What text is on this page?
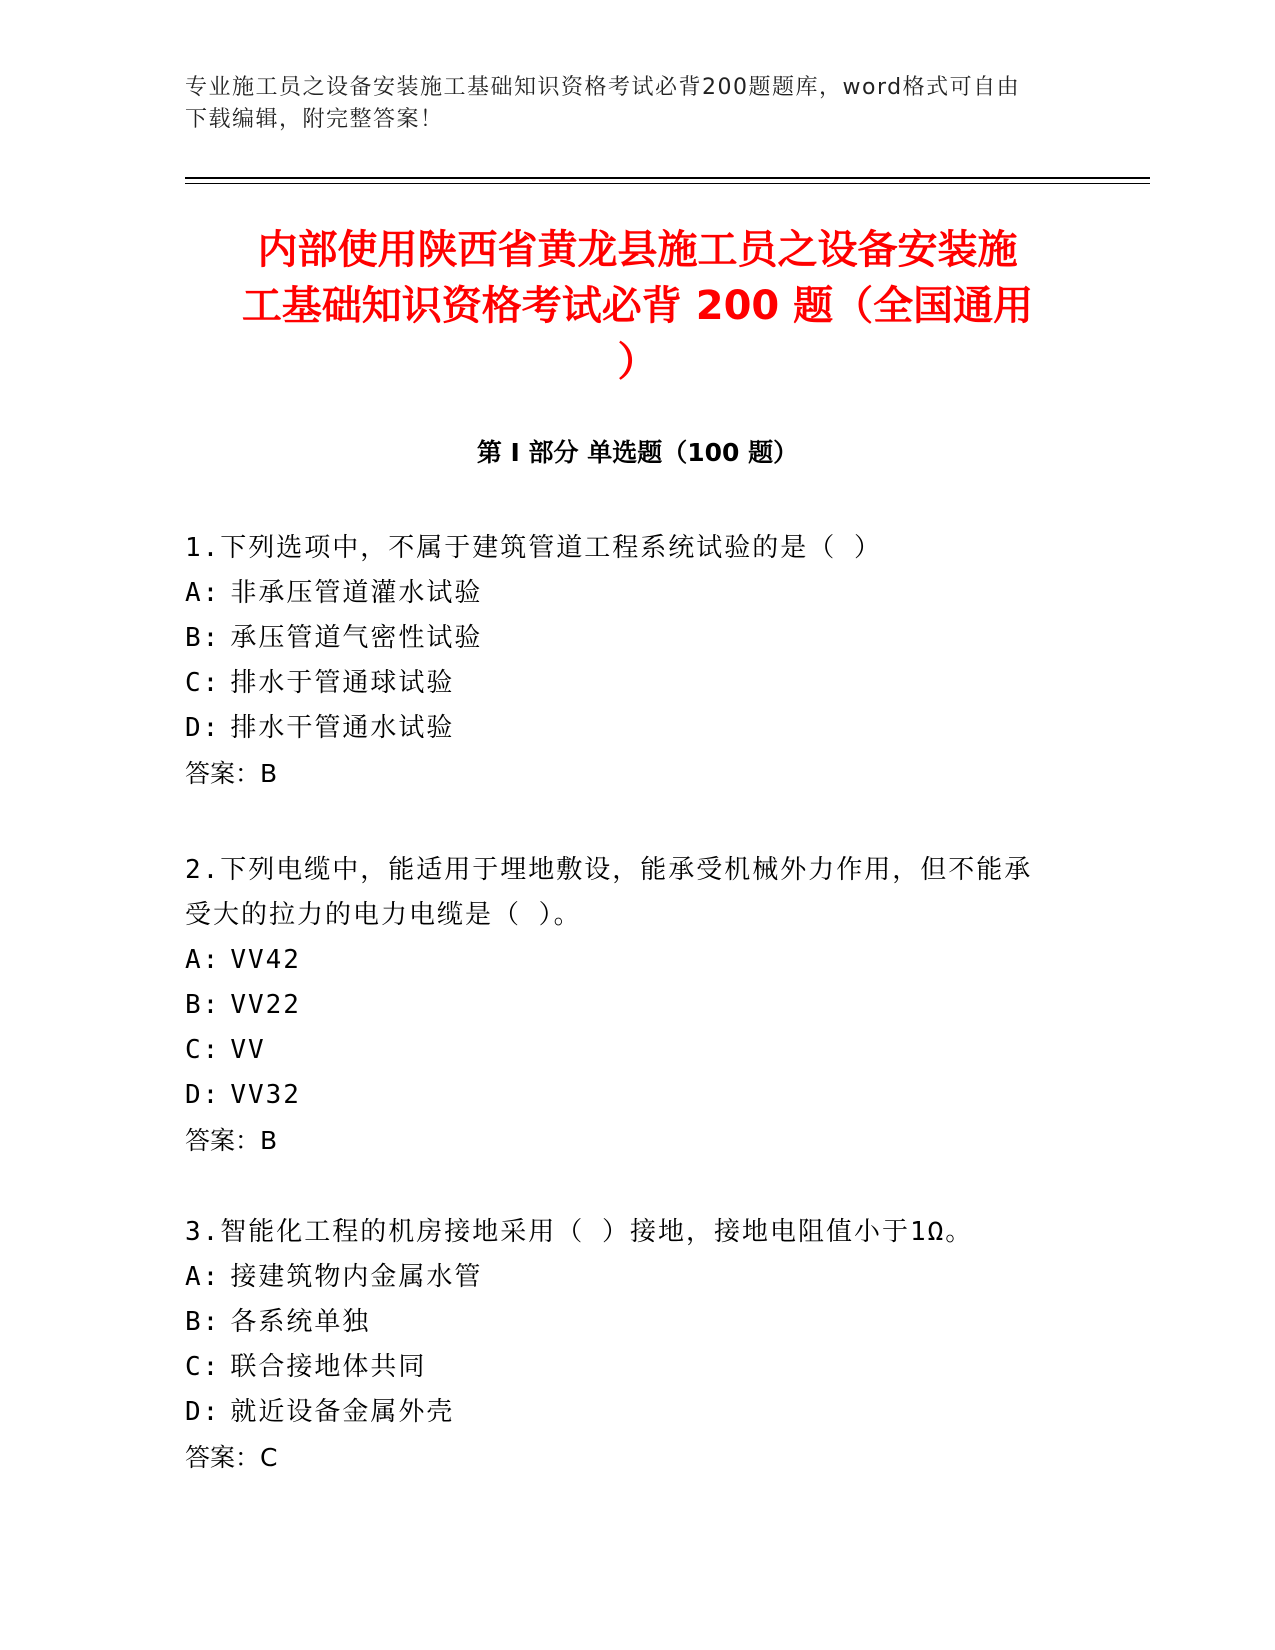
专业施工员之设备安装施工基础知识资格考试必背200题题库，word格式可自由
下载编辑，附完整答案！
内部使用陕西省黄龙县施工员之设备安装施
工基础知识资格考试必背 200 题（全国通用
）
第 I 部分 单选题（100 题）
1.下列选项中，不属于建筑管道工程系统试验的是（ ）
A: 非承压管道灌水试验
B: 承压管道气密性试验
C: 排水于管通球试验
D: 排水干管通水试验
答案：B
2.下列电缆中，能适用于埋地敷设，能承受机械外力作用，但不能承
受大的拉力的电力电缆是（ ）。
A: VV42
B: VV22
C: VV
D: VV32
答案：B
3.智能化工程的机房接地采用（ ）接地，接地电阻值小于1Ω。
A: 接建筑物内金属水管
B: 各系统单独
C: 联合接地体共同
D: 就近设备金属外壳
答案：C
